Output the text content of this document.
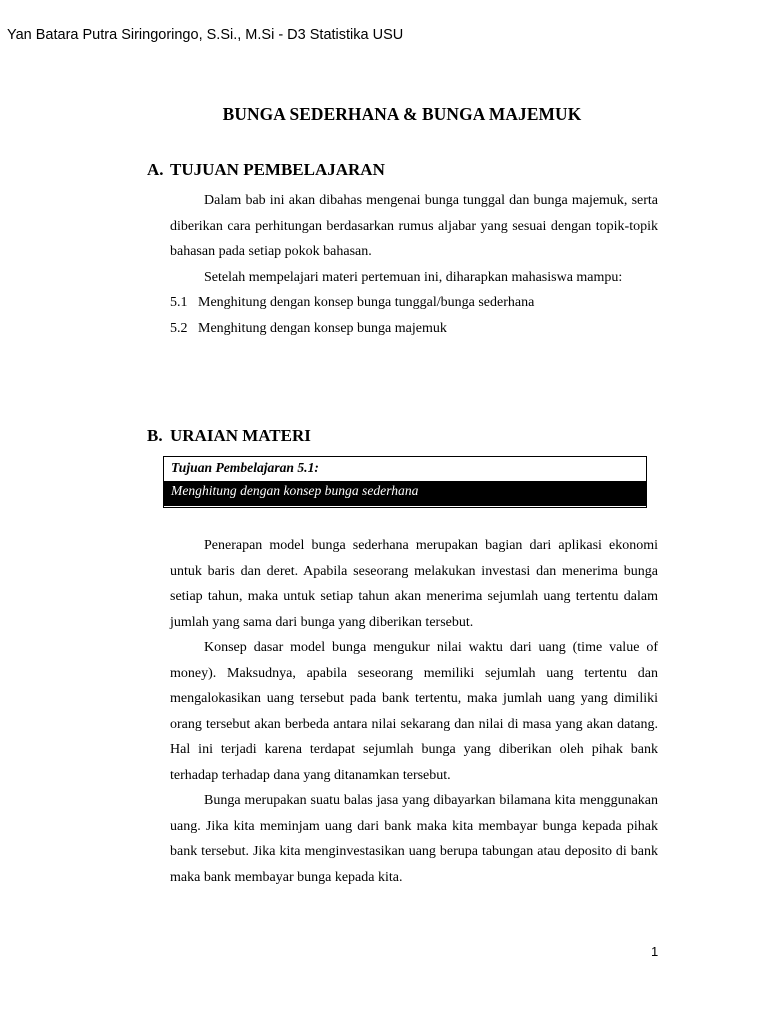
Yan Batara Putra Siringoringo, S.Si., M.Si - D3 Statistika USU
BUNGA SEDERHANA & BUNGA MAJEMUK
A. TUJUAN PEMBELAJARAN

Dalam bab ini akan dibahas mengenai bunga tunggal dan bunga majemuk, serta diberikan cara perhitungan berdasarkan rumus aljabar yang sesuai dengan topik-topik bahasan pada setiap pokok bahasan.

Setelah mempelajari materi pertemuan ini, diharapkan mahasiswa mampu:

5.1 Menghitung dengan konsep bunga tunggal/bunga sederhana
5.2 Menghitung dengan konsep bunga majemuk
B. URAIAN MATERI
Tujuan Pembelajaran 5.1:
Menghitung dengan konsep bunga sederhana

Penerapan model bunga sederhana merupakan bagian dari aplikasi ekonomi untuk baris dan deret. Apabila seseorang melakukan investasi dan menerima bunga setiap tahun, maka untuk setiap tahun akan menerima sejumlah uang tertentu dalam jumlah yang sama dari bunga yang diberikan tersebut.

Konsep dasar model bunga mengukur nilai waktu dari uang (time value of money). Maksudnya, apabila seseorang memiliki sejumlah uang tertentu dan mengalokasikan uang tersebut pada bank tertentu, maka jumlah uang yang dimiliki orang tersebut akan berbeda antara nilai sekarang dan nilai di masa yang akan datang. Hal ini terjadi karena terdapat sejumlah bunga yang diberikan oleh pihak bank terhadap terhadap dana yang ditanamkan tersebut.

Bunga merupakan suatu balas jasa yang dibayarkan bilamana kita menggunakan uang. Jika kita meminjam uang dari bank maka kita membayar bunga kepada pihak bank tersebut. Jika kita menginvestasikan uang berupa tabungan atau deposito di bank maka bank membayar bunga kepada kita.

1
